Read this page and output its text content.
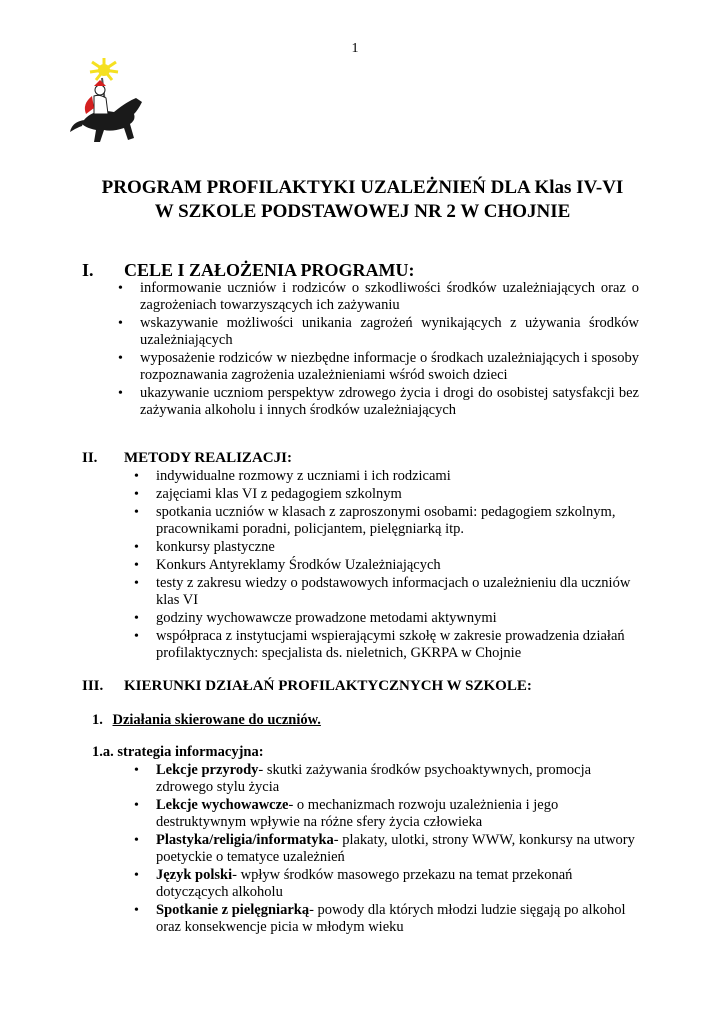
1
PROGRAM PROFILAKTYKI UZALEŻNIEŃ DLA Klas IV-VI
W SZKOLE PODSTAWOWEJ NR 2 W CHOJNIE
I. CELE I ZAŁOŻENIA PROGRAMU:
• informowanie uczniów i rodziców o szkodliwości środków uzależniających oraz o zagrożeniach towarzyszących ich zażywaniu
• wskazywanie możliwości unikania zagrożeń wynikających z używania środków uzależniających
• wyposażenie rodziców w niezbędne informacje o środkach uzależniających i sposoby rozpoznawania zagrożenia uzależnieniami wśród swoich dzieci
• ukazywanie uczniom perspektyw zdrowego życia i drogi do osobistej satysfakcji bez zażywania alkoholu i innych środków uzależniających
II. METODY REALIZACJI:
• indywidualne rozmowy z uczniami i ich rodzicami
• zajęciami klas VI z pedagogiem szkolnym
• spotkania uczniów w klasach z zaproszonymi osobami: pedagogiem szkolnym, pracownikami poradni, policjantem, pielęgniarką itp.
• konkursy plastyczne
• Konkurs Antyreklamy Środków Uzależniających
• testy z zakresu wiedzy o podstawowych informacjach o uzależnieniu dla uczniów klas VI
• godziny wychowawcze prowadzone metodami aktywnymi
• współpraca z instytucjami wspierającymi szkołę w zakresie prowadzenia działań profilaktycznych: specjalista ds. nieletnich, GKRPA w Chojnie
III. KIERUNKI DZIAŁAŃ PROFILAKTYCZNYCH W SZKOLE:
1. Działania skierowane do uczniów.
1.a. strategia informacyjna:
• Lekcje przyrody- skutki zażywania środków psychoaktywnych, promocja zdrowego stylu życia
• Lekcje wychowawcze- o mechanizmach rozwoju uzależnienia i jego destruktywnym wpływie na różne sfery życia człowieka
• Plastyka/religia/informatyka- plakaty, ulotki, strony WWW, konkursy na utwory poetyckie o tematyce uzależnień
• Język polski- wpływ środków masowego przekazu na temat przekonań dotyczących alkoholu
• Spotkanie z pielęgniarką- powody dla których młodzi ludzie sięgają po alkohol oraz konsekwencje picia w młodym wieku
